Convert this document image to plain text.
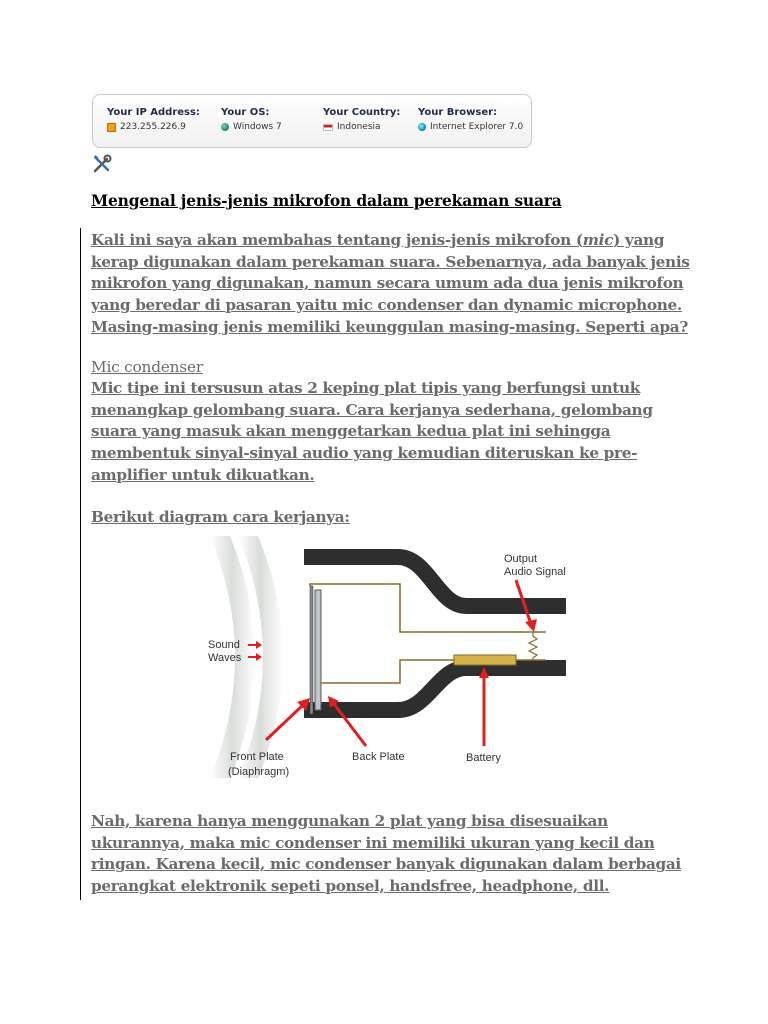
Your IP Address:
223.255.226.9
Your OS:
Windows 7
Your Country:
Indonesia
Your Browser:
Internet Explorer 7.0
Mengenal jenis-jenis mikrofon dalam perekaman suara

Kali ini saya akan membahas tentang jenis-jenis mikrofon (mic) yang
kerap digunakan dalam perekaman suara. Sebenarnya, ada banyak jenis
mikrofon yang digunakan, namun secara umum ada dua jenis mikrofon
yang beredar di pasaran yaitu mic condenser dan dynamic microphone.
Masing-masing jenis memiliki keunggulan masing-masing. Seperti apa?

Mic condenser

Mic tipe ini tersusun atas 2 keping plat tipis yang berfungsi untuk
menangkap gelombang suara. Cara kerjanya sederhana, gelombang
suara yang masuk akan menggetarkan kedua plat ini sehingga
membentuk sinyal-sinyal audio yang kemudian diteruskan ke pre-
amplifier untuk dikuatkan.

Berikut diagram cara kerjanya:

Output
Audio Signal
Sound
Waves
Front Plate
(Diaphragm)
Back Plate	Battery

Nah, karena hanya menggunakan 2 plat yang bisa disesuaikan
ukurannya, maka mic condenser ini memiliki ukuran yang kecil dan
ringan. Karena kecil, mic condenser banyak digunakan dalam berbagai
perangkat elektronik sepeti ponsel, handsfree, headphone, dll.
